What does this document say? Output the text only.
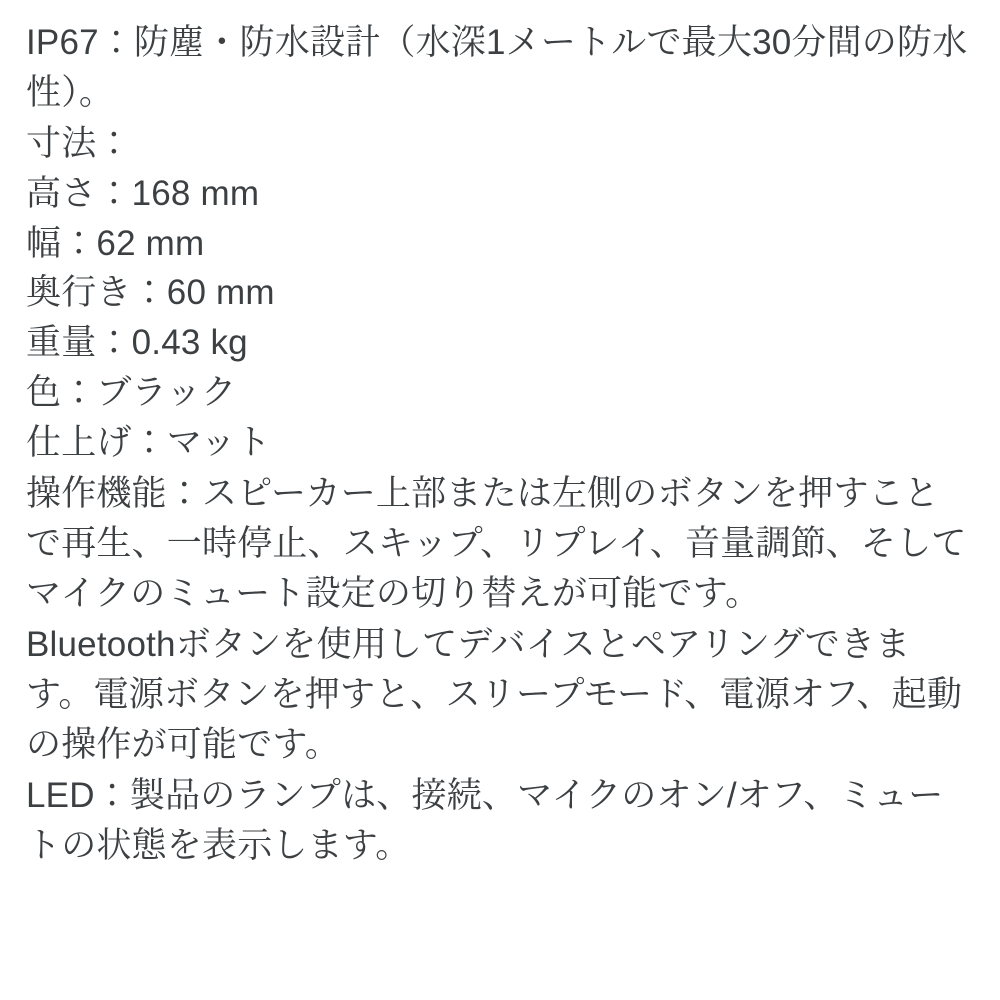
IP67：防塵・防水設計（水深1メートルで最大30分間の防水性）。

寸法：

高さ：168 mm

幅：62 mm

奥行き：60 mm

重量：0.43 kg

色：ブラック

仕上げ：マット

操作機能：スピーカー上部または左側のボタンを押すことで再生、一時停止、スキップ、リプレイ、音量調節、そしてマイクのミュート設定の切り替えが可能です。

Bluetoothボタンを使用してデバイスとペアリングできます。電源ボタンを押すと、スリープモード、電源オフ、起動の操作が可能です。

LED：製品のランプは、接続、マイクのオン/オフ、ミュートの状態を表示します。
